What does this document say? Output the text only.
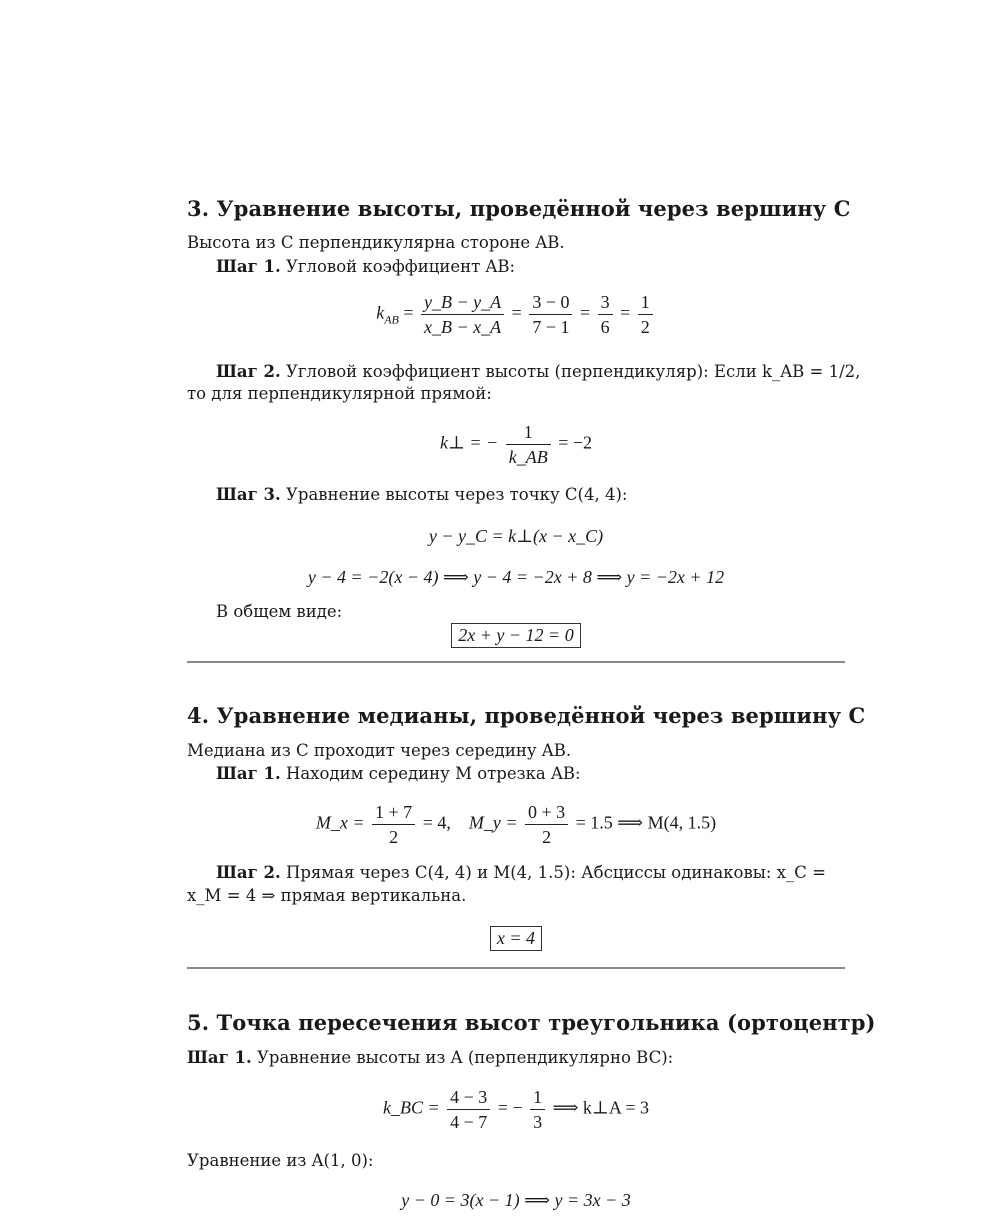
3. Уравнение высоты, проведённой через вершину C
Высота из C перпендикулярна стороне AB.
Шаг 1. Угловой коэффициент AB:
$k_{AB} = \frac{y\_B - y\_A}{x\_B - x\_A} = \frac{3 - 0}{7 - 1} = \frac{3}{6} = \frac{1}{2}$
Шаг 2. Угловой коэффициент высоты (перпендикуляр): Если k_AB = 1/2,
то для перпендикулярной прямой:
k⊥ = − $\frac{1}{k\_AB} = -2$
Шаг 3. Уравнение высоты через точку C(4, 4):
y − y_C = k⊥(x − x_C)
y − 4 = −2(x − 4) ⟹ y − 4 = −2x + 8 ⟹ y = −2x + 12
В общем виде:
2x + y − 12 = 0
4. Уравнение медианы, проведённой через вершину C
Медиана из C проходит через середину AB.
Шаг 1. Находим середину M отрезка AB:
M_x = $\frac{1 + 7}{2} = 4$, M_y = $\frac{0 + 3}{2} = 1.5$ ⟹ M(4, 1.5)
Шаг 2. Прямая через C(4, 4) и M(4, 1.5): Абсциссы одинаковы: x_C =
x_M = 4 ⇒ прямая вертикальна.
x = 4
5. Точка пересечения высот треугольника (ортоцентр)
Шаг 1. Уравнение высоты из A (перпендикулярно BC):
k_BC = $\frac{4 - 3}{4 - 7}$ = − $\frac{1}{3}$ ⟹ k⊥A = 3
Уравнение из A(1, 0):
y − 0 = 3(x − 1) ⟹ y = 3x − 3
